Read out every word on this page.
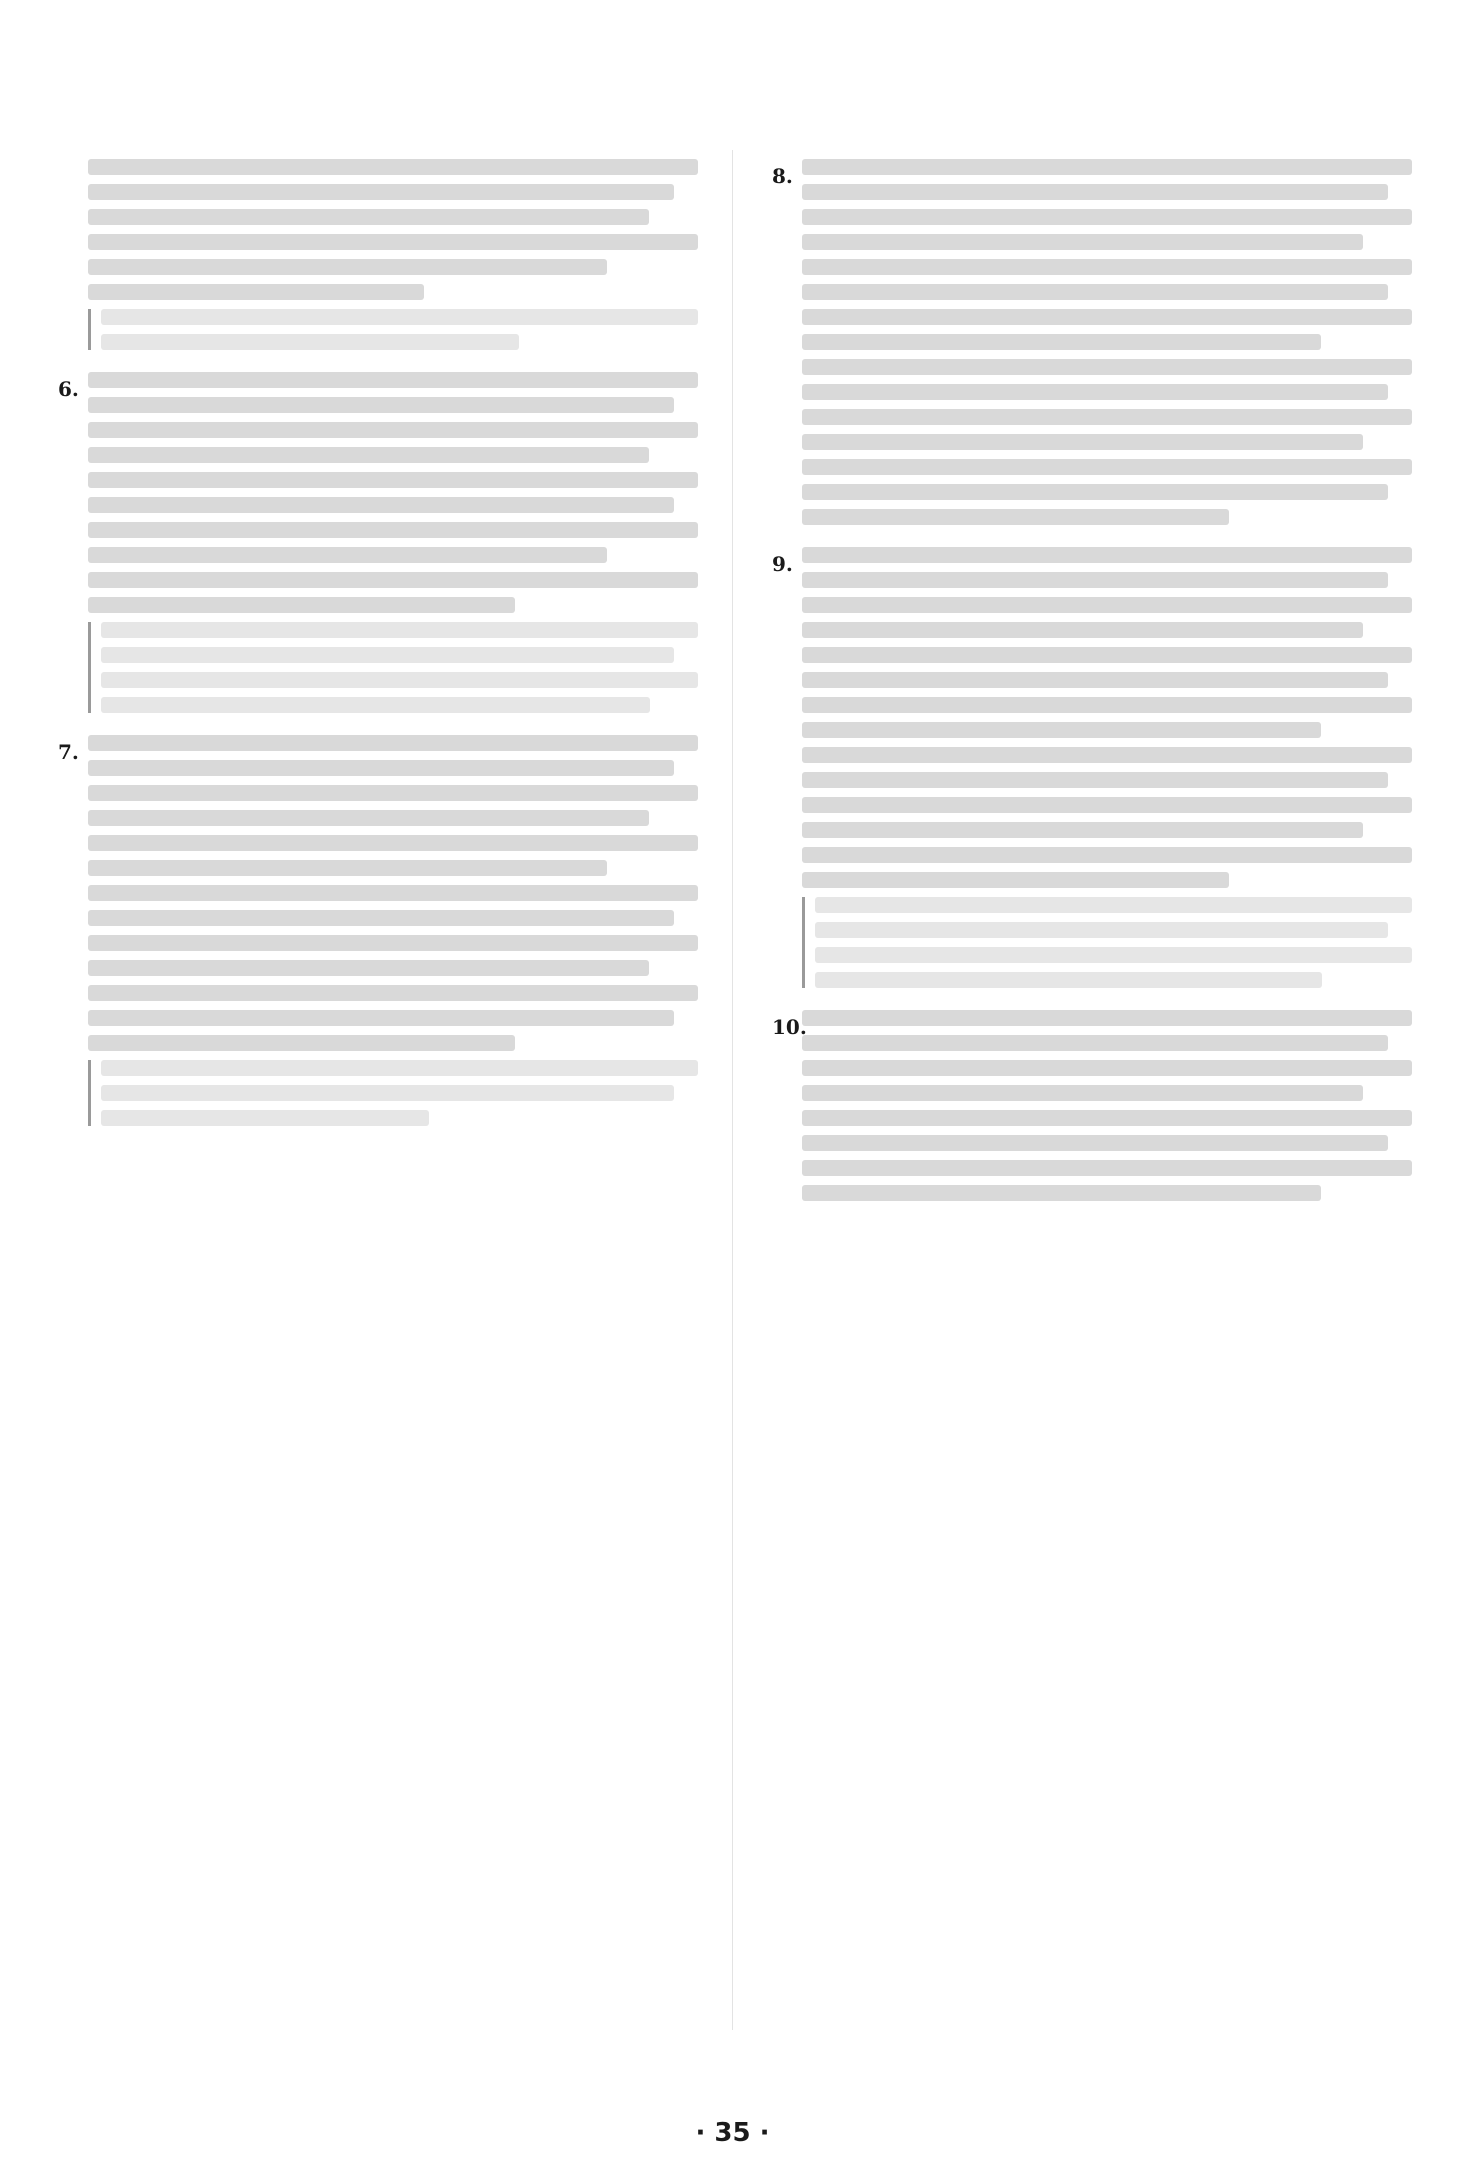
6.
7.
8.
9.
10.
· 35 ·
